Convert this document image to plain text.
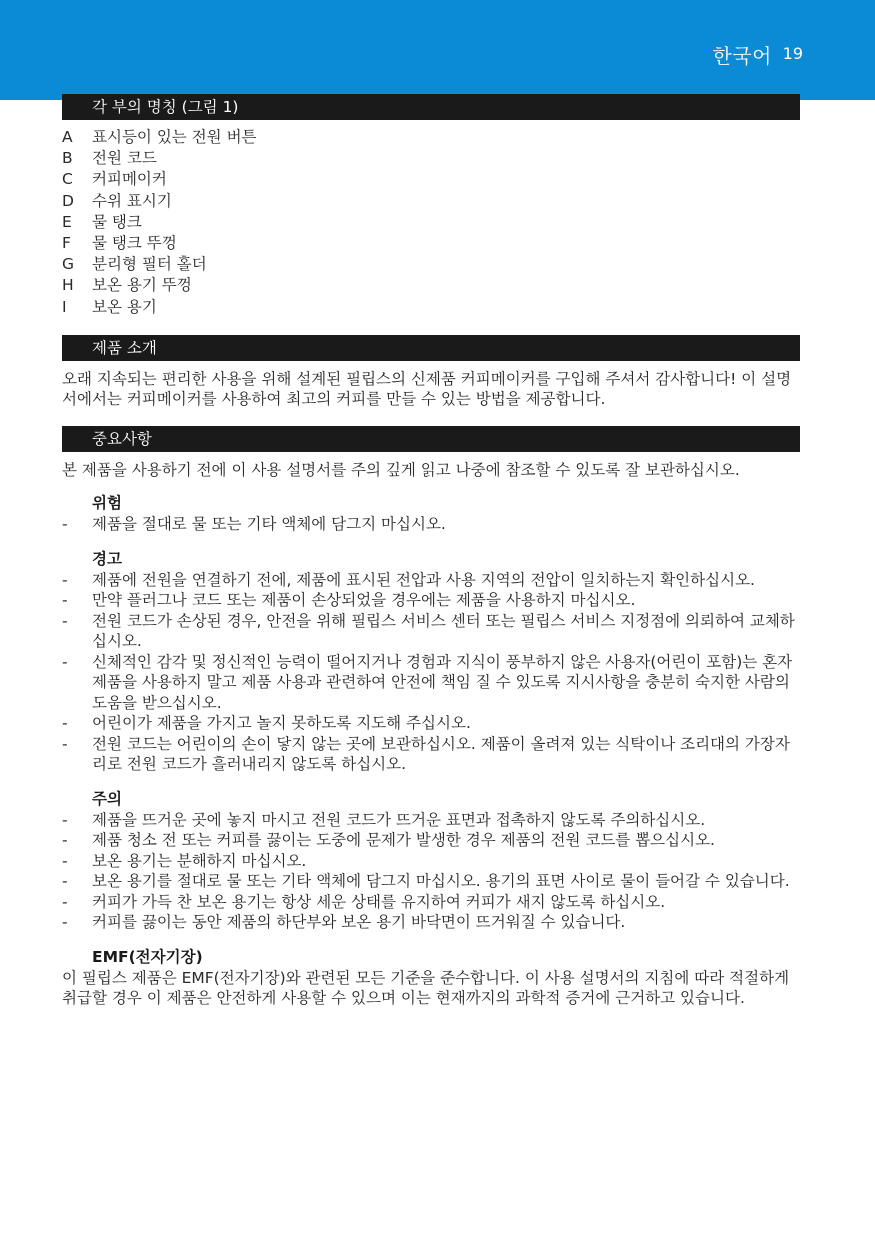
한국어 19
각 부의 명칭 (그림 1)
A	표시등이 있는 전원 버튼
B	전원 코드
C	커피메이커
D	수위 표시기
E	물 탱크
F	물 탱크 뚜껑
G	분리형 필터 홀더
H	보온 용기 뚜껑
I	보온 용기
제품 소개

오래 지속되는 편리한 사용을 위해 설계된 필립스의 신제품 커피메이커를 구입해 주셔서 감사합니다! 이 설명서에서는 커피메이커를 사용하여 최고의 커피를 만들 수 있는 방법을 제공합니다.

중요사항

본 제품을 사용하기 전에 이 사용 설명서를 주의 깊게 읽고 나중에 참조할 수 있도록 잘 보관하십시오.

위험
-	제품을 절대로 물 또는 기타 액체에 담그지 마십시오.
경고
-	제품에 전원을 연결하기 전에, 제품에 표시된 전압과 사용 지역의 전압이 일치하는지 확인하십시오.
-	만약 플러그나 코드 또는 제품이 손상되었을 경우에는 제품을 사용하지 마십시오.
-	전원 코드가 손상된 경우, 안전을 위해 필립스 서비스 센터 또는 필립스 서비스 지정점에 의뢰하여 교체하십시오.
-	신체적인 감각 및 정신적인 능력이 떨어지거나 경험과 지식이 풍부하지 않은 사용자(어린이 포함)는 혼자 제품을 사용하지 말고 제품 사용과 관련하여 안전에 책임 질 수 있도록 지시사항을 충분히 숙지한 사람의 도움을 받으십시오.
-	어린이가 제품을 가지고 놀지 못하도록 지도해 주십시오.
-	전원 코드는 어린이의 손이 닿지 않는 곳에 보관하십시오. 제품이 올려져 있는 식탁이나 조리대의 가장자리로 전원 코드가 흘러내리지 않도록 하십시오.
주의
-	제품을 뜨거운 곳에 놓지 마시고 전원 코드가 뜨거운 표면과 접촉하지 않도록 주의하십시오.
-	제품 청소 전 또는 커피를 끓이는 도중에 문제가 발생한 경우 제품의 전원 코드를 뽑으십시오.
-	보온 용기는 분해하지 마십시오.
-	보온 용기를 절대로 물 또는 기타 액체에 담그지 마십시오. 용기의 표면 사이로 물이 들어갈 수 있습니다.
-	커피가 가득 찬 보온 용기는 항상 세운 상태를 유지하여 커피가 새지 않도록 하십시오.
-	커피를 끓이는 동안 제품의 하단부와 보온 용기 바닥면이 뜨거워질 수 있습니다.
EMF(전자기장)

이 필립스 제품은 EMF(전자기장)와 관련된 모든 기준을 준수합니다. 이 사용 설명서의 지침에 따라 적절하게 취급할 경우 이 제품은 안전하게 사용할 수 있으며 이는 현재까지의 과학적 증거에 근거하고 있습니다.
